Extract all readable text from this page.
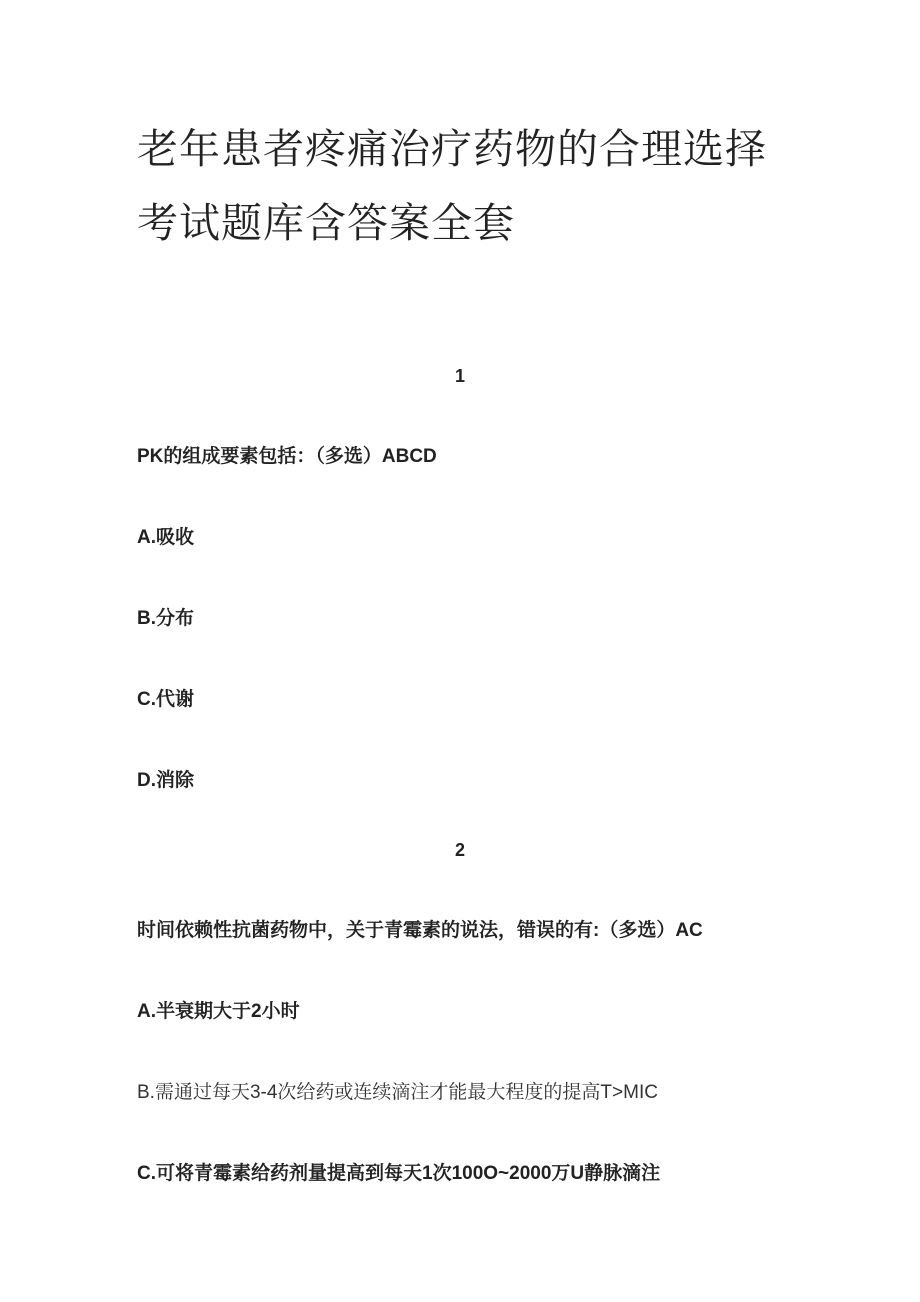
老年患者疼痛治疗药物的合理选择
考试题库含答案全套
1
PK的组成要素包括：（多选）ABCD
A.吸收
B.分布
C.代谢
D.消除
2
时间依赖性抗菌药物中，关于青霉素的说法，错误的有:（多选）AC
A.半衰期大于2小时
B.需通过每天3-4次给药或连续滴注才能最大程度的提高T>MIC
C.可将青霉素给药剂量提高到每天1次100O~2000万U静脉滴注
